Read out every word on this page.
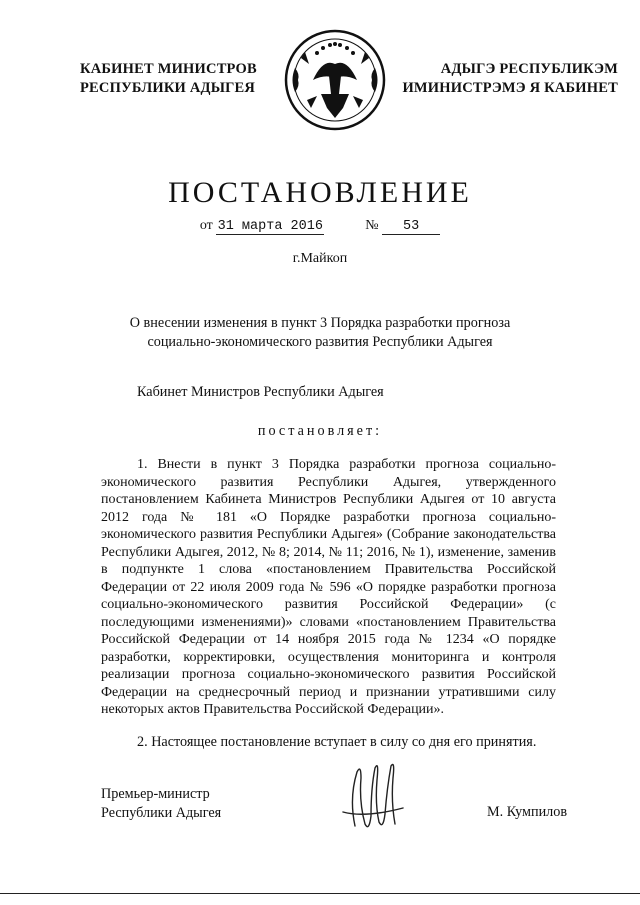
КАБИНЕТ МИНИСТРОВ
РЕСПУБЛИКИ АДЫГЕЯ
АДЫГЭ РЕСПУБЛИКЭМ
ИМИНИСТРЭМЭ Я КАБИНЕТ
ПОСТАНОВЛЕНИЕ
от 31 марта 2016	№ 53
г.Майкоп
О внесении изменения в пункт 3 Порядка разработки прогноза социально-экономического развития Республики Адыгея
Кабинет Министров Республики Адыгея
постановляет:

1. Внести в пункт 3 Порядка разработки прогноза социально-экономического развития Республики Адыгея, утвержденного постановлением Кабинета Министров Республики Адыгея от 10 августа 2012 года № 181 «О Порядке разработки прогноза социально-экономического развития Республики Адыгея» (Собрание законодательства Республики Адыгея, 2012, № 8; 2014, № 11; 2016, № 1), изменение, заменив в подпункте 1 слова «постановлением Правительства Российской Федерации от 22 июля 2009 года № 596 «О порядке разработки прогноза социально-экономического развития Российской Федерации» (с последующими изменениями)» словами «постановлением Правительства Российской Федерации от 14 ноября 2015 года № 1234 «О порядке разработки, корректировки, осуществления мониторинга и контроля реализации прогноза социально-экономического развития Российской Федерации на среднесрочный период и признании утратившими силу некоторых актов Правительства Российской Федерации».

2. Настоящее постановление вступает в силу со дня его принятия.
Премьер-министр
Республики Адыгея	М. Кумпилов
